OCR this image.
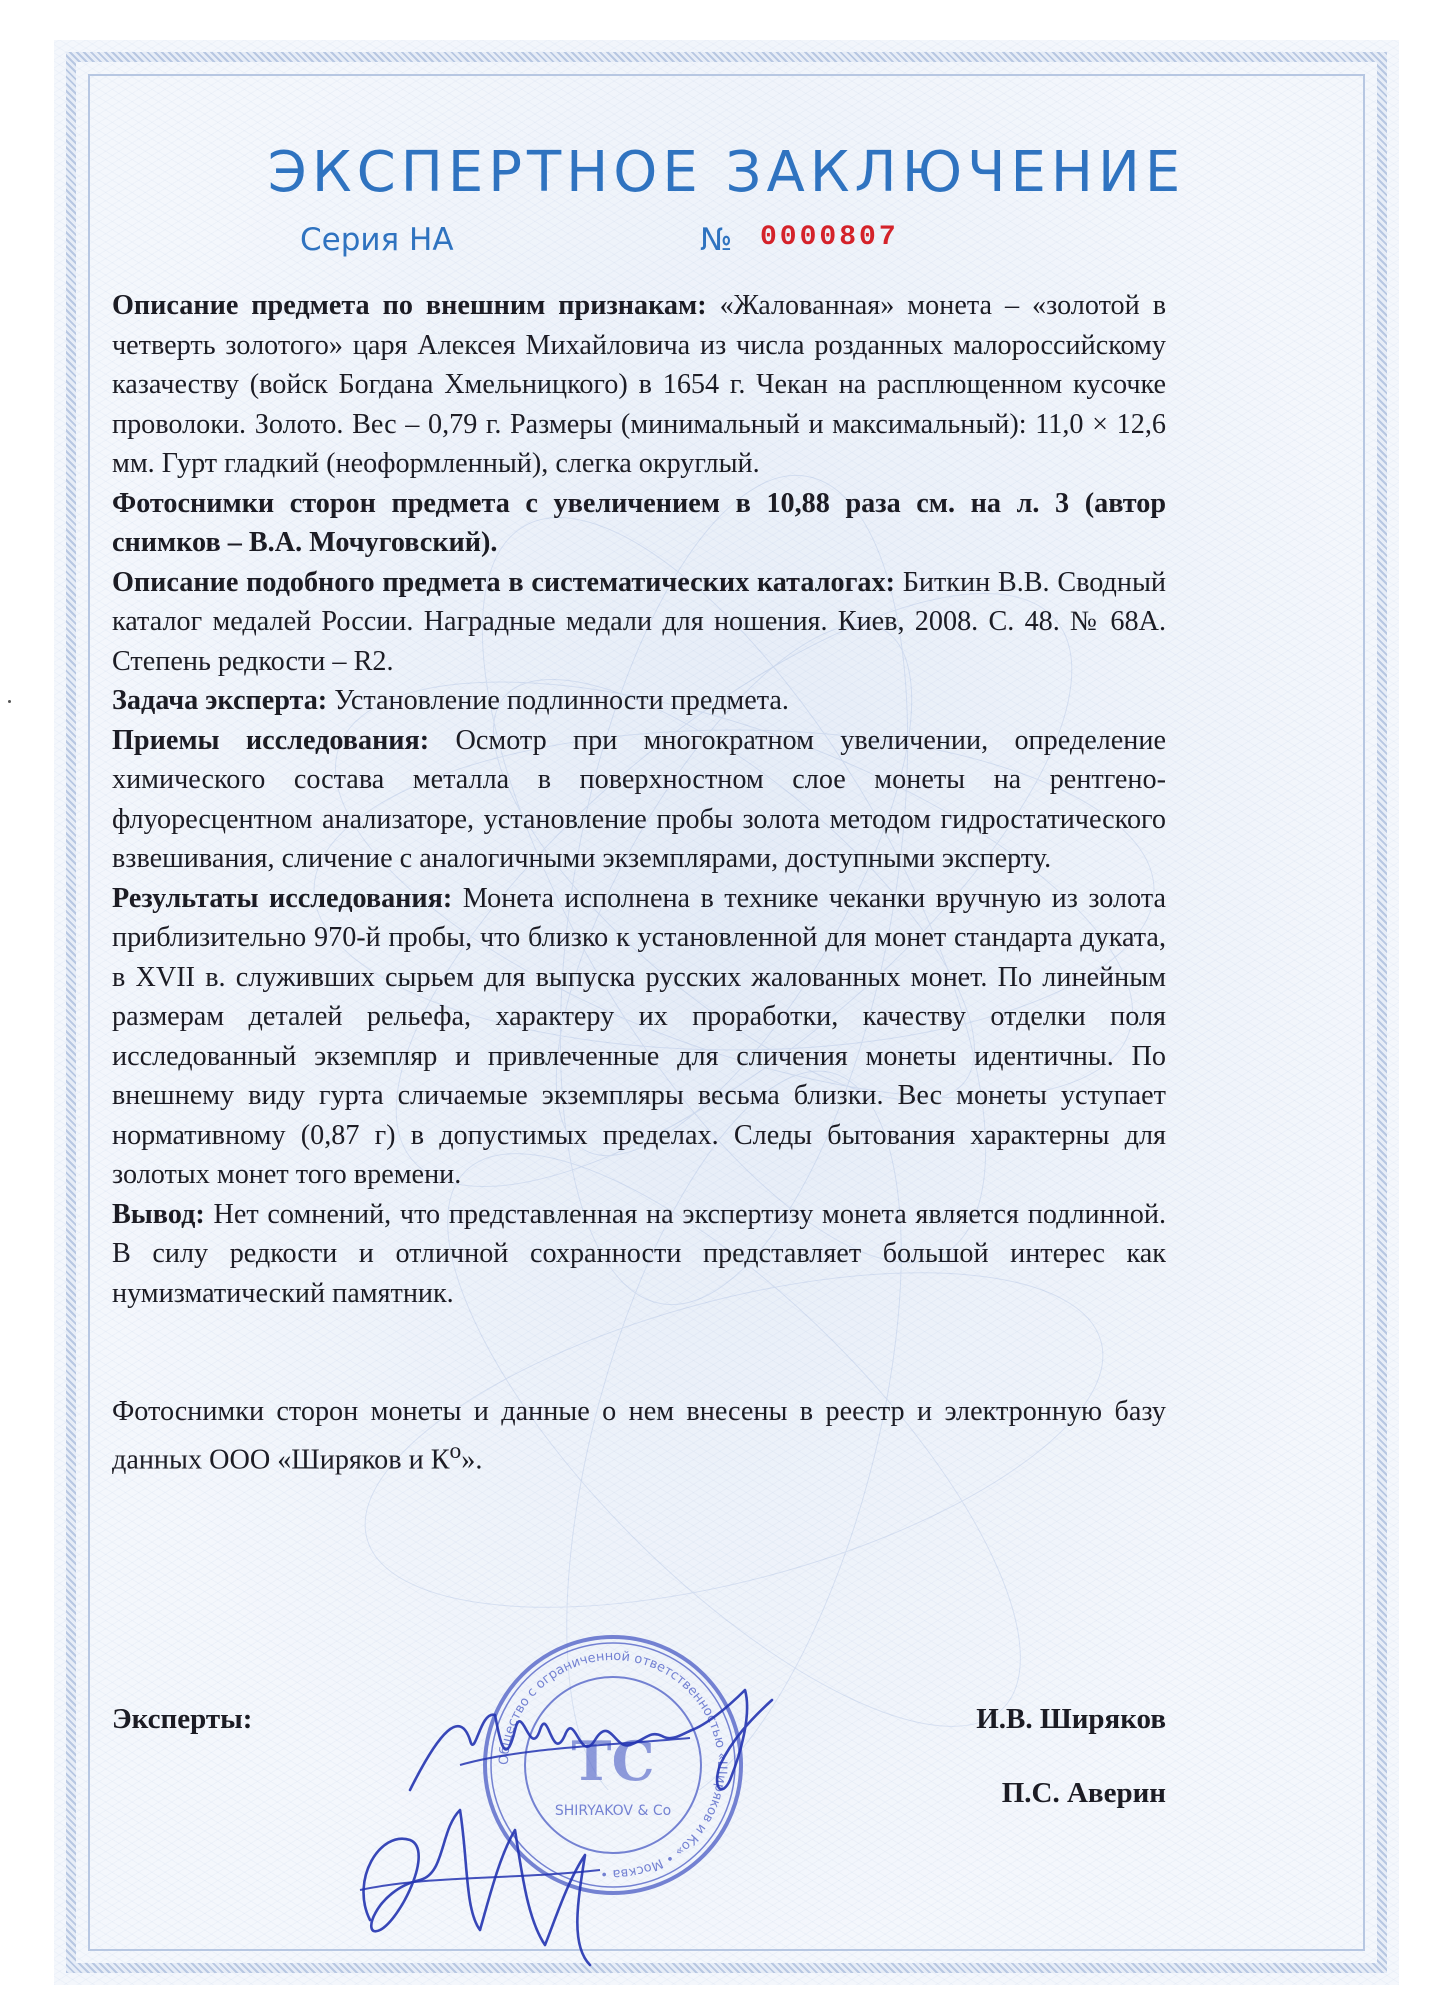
ЭКСПЕРТНОЕ ЗАКЛЮЧЕНИЕ
Серия НА	№ 0000807

Описание предмета по внешним признакам: «Жалованная» монета – «золотой в четверть золотого» царя Алексея Михайловича из числа розданных малороссийскому казачеству (войск Богдана Хмельницкого) в 1654 г. Чекан на расплющенном кусочке проволоки. Золото. Вес – 0,79 г. Размеры (минимальный и максимальный): 11,0 × 12,6 мм. Гурт гладкий (неоформленный), слегка округлый.

Фотоснимки сторон предмета с увеличением в 10,88 раза см. на л. 3 (автор снимков – В.А. Мочуговский).

Описание подобного предмета в систематических каталогах: Биткин В.В. Сводный каталог медалей России. Наградные медали для ношения. Киев, 2008. С. 48. № 68А. Степень редкости – R2.

Задача эксперта: Установление подлинности предмета.

Приемы исследования: Осмотр при многократном увеличении, определение химического состава металла в поверхностном слое монеты на рентгено-флуоресцентном анализаторе, установление пробы золота методом гидростатического взвешивания, сличение с аналогичными экземплярами, доступными эксперту.

Результаты исследования: Монета исполнена в технике чеканки вручную из золота приблизительно 970-й пробы, что близко к установленной для монет стандарта дуката, в XVII в. служивших сырьем для выпуска русских жалованных монет. По линейным размерам деталей рельефа, характеру их проработки, качеству отделки поля исследованный экземпляр и привлеченные для сличения монеты идентичны. По внешнему виду гурта сличаемые экземпляры весьма близки. Вес монеты уступает нормативному (0,87 г) в допустимых пределах. Следы бытования характерны для золотых монет того времени.

Вывод: Нет сомнений, что представленная на экспертизу монета является подлинной. В силу редкости и отличной сохранности представляет большой интерес как нумизматический памятник.

Фотоснимки сторон монеты и данные о нем внесены в реестр и электронную базу данных ООО «Ширяков и $К^о$».

Эксперты:	И.В. Ширяков
П.С. Аверин
Общество с ограниченной ответственностью «Ширяков и Ко» • Москва •
TC
SHIRYAKOV & Co
